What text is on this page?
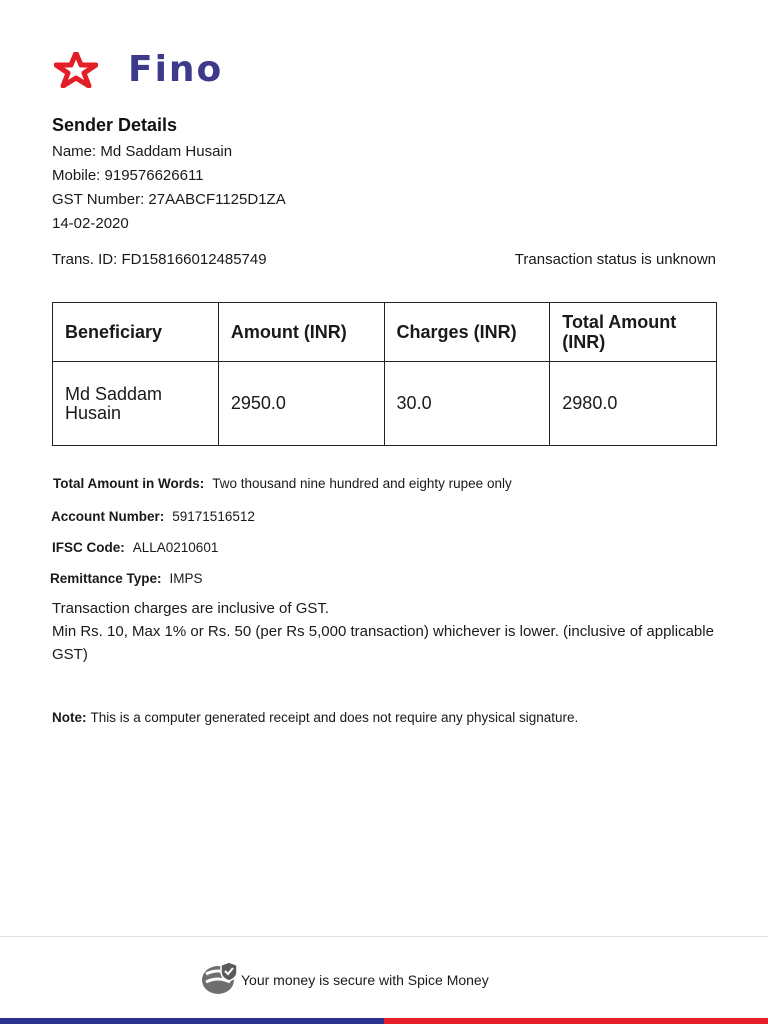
Fino
Sender Details
Name: Md Saddam Husain
Mobile: 919576626611
GST Number: 27AABCF1125D1ZA
14-02-2020
Trans. ID: FD158166012485749	Transaction status is unknown
Beneficiary	Amount (INR)	Charges (INR)	Total Amount (INR)
Md Saddam Husain	2950.0	30.0	2980.0
Total Amount in Words: Two thousand nine hundred and eighty rupee only
Account Number: 59171516512
IFSC Code: ALLA0210601
Remittance Type: IMPS
Transaction charges are inclusive of GST.
Min Rs. 10, Max 1% or Rs. 50 (per Rs 5,000 transaction) whichever is lower. (inclusive of applicable GST)
Note: This is a computer generated receipt and does not require any physical signature.
Your money is secure with Spice Money
